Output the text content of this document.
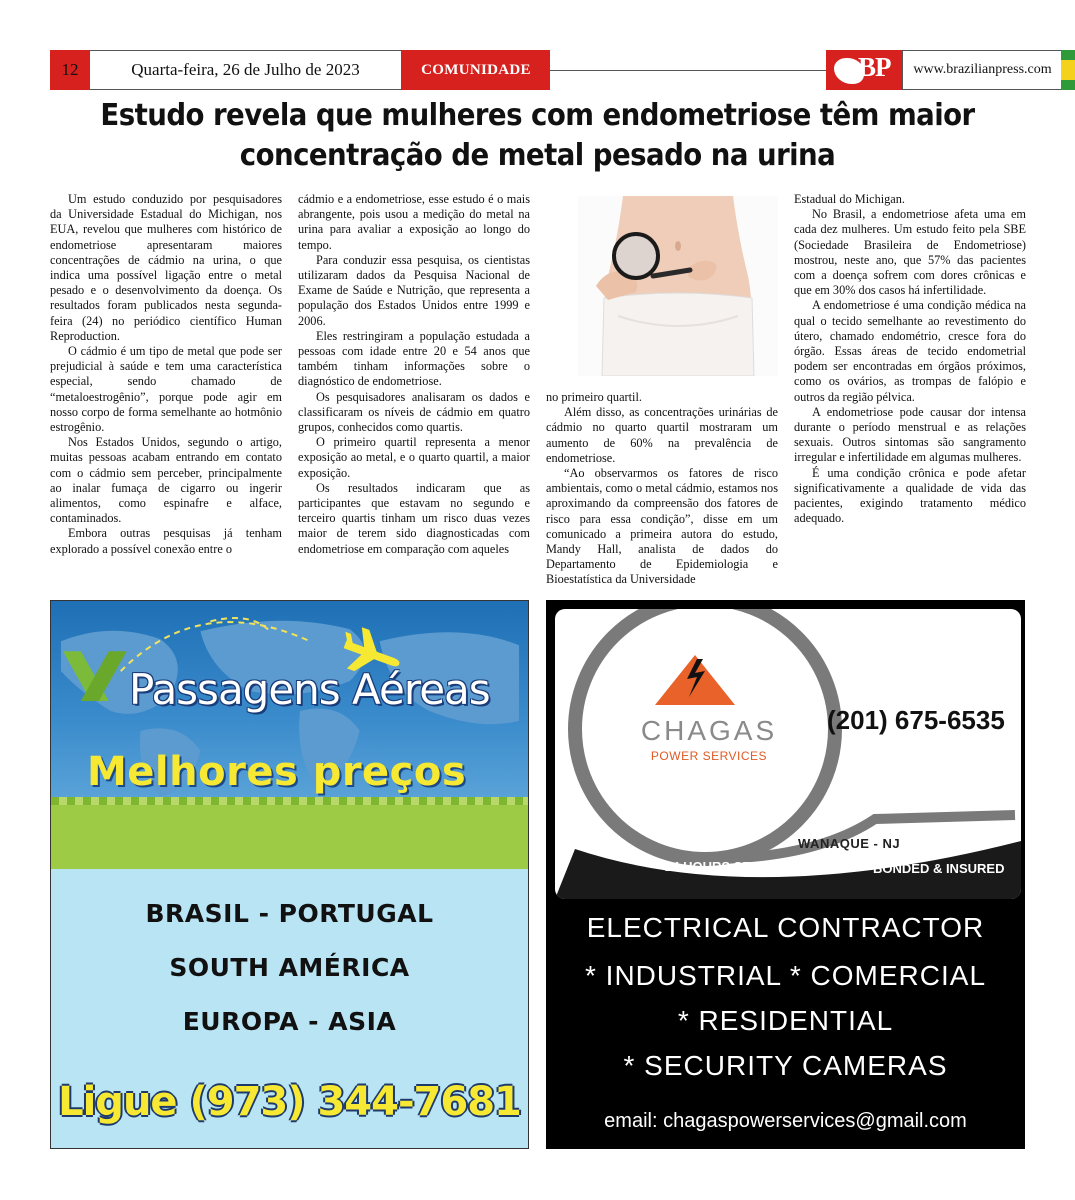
12	Quarta-feira, 26 de Julho de 2023	COMUNIDADE	BP	www.brazilianpress.com
Estudo revela que mulheres com endometriose têm maior
concentração de metal pesado na urina

Um estudo conduzido por pesquisadores da Universidade Estadual do Michigan, nos EUA, revelou que mulheres com histórico de endometriose apresentaram maiores concentrações de cádmio na urina, o que indica uma possível ligação entre o metal pesado e o desenvolvimento da doença. Os resultados foram publicados nesta segunda-feira (24) no periódico científico Human Reproduction.

O cádmio é um tipo de metal que pode ser prejudicial à saúde e tem uma característica especial, sendo chamado de “metaloestrogênio”, porque pode agir em nosso corpo de forma semelhante ao hotmônio estrogênio.

Nos Estados Unidos, segundo o artigo, muitas pessoas acabam entrando em contato com o cádmio sem perceber, principalmente ao inalar fumaça de cigarro ou ingerir alimentos, como espinafre e alface, contaminados.

Embora outras pesquisas já tenham explorado a possível conexão entre o

cádmio e a endometriose, esse estudo é o mais abrangente, pois usou a medição do metal na urina para avaliar a exposição ao longo do tempo.

Para conduzir essa pesquisa, os cientistas utilizaram dados da Pesquisa Nacional de Exame de Saúde e Nutrição, que representa a população dos Estados Unidos entre 1999 e 2006.

Eles restringiram a população estudada a pessoas com idade entre 20 e 54 anos que também tinham informações sobre o diagnóstico de endometriose.

Os pesquisadores analisaram os dados e classificaram os níveis de cádmio em quatro grupos, conhecidos como quartis.

O primeiro quartil representa a menor exposição ao metal, e o quarto quartil, a maior exposição.

Os resultados indicaram que as participantes que estavam no segundo e terceiro quartis tinham um risco duas vezes maior de terem sido diagnosticadas com endometriose em comparação com aqueles

no primeiro quartil.

Além disso, as concentrações urinárias de cádmio no quarto quartil mostraram um aumento de 60% na prevalência de endometriose.

“Ao observarmos os fatores de risco ambientais, como o metal cádmio, estamos nos aproximando da compreensão dos fatores de risco para essa condição”, disse em um comunicado a primeira autora do estudo, Mandy Hall, analista de dados do Departamento de Epidemiologia e Bioestatística da Universidade

Estadual do Michigan.

No Brasil, a endometriose afeta uma em cada dez mulheres. Um estudo feito pela SBE (Sociedade Brasileira de Endometriose) mostrou, neste ano, que 57% das pacientes com a doença sofrem com dores crônicas e que em 30% dos casos há infertilidade.

A endometriose é uma condição médica na qual o tecido semelhante ao revestimento do útero, chamado endométrio, cresce fora do órgão. Essas áreas de tecido endometrial podem ser encontradas em órgãos próximos, como os ovários, as trompas de falópio e outros da região pélvica.

A endometriose pode causar dor intensa durante o período menstrual e as relações sexuais. Outros sintomas são sangramento irregular e infertilidade em algumas mulheres.

É uma condição crônica e pode afetar significativamente a qualidade de vida das pacientes, exigindo tratamento médico adequado.

Passagens Aéreas
Melhores preços
BRASIL - PORTUGAL
SOUTH AMÉRICA
EUROPA - ASIA
Ligue (973) 344-7681
CHAGAS
POWER SERVICES
(201) 675-6535
WANAQUE - NJ
24 HOURS SERVICES	BONDED & INSURED
ELECTRICAL CONTRACTOR
* INDUSTRIAL * COMERCIAL
* RESIDENTIAL
* SECURITY CAMERAS
email: chagaspowerservices@gmail.com
